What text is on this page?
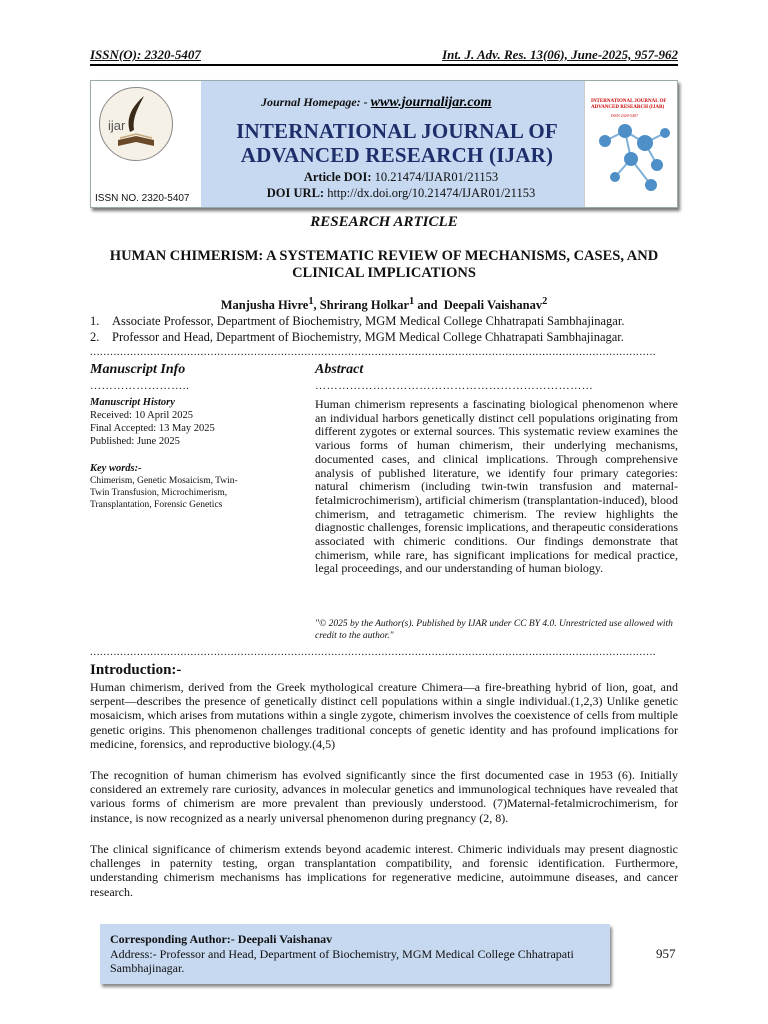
ISSN(O): 2320-5407	Int. J. Adv. Res. 13(06), June-2025, 957-962
ijar
ISSN NO. 2320-5407
Journal Homepage: - www.journalijar.com
INTERNATIONAL JOURNAL OF
ADVANCED RESEARCH (IJAR)
Article DOI: 10.21474/IJAR01/21153
DOI URL: http://dx.doi.org/10.21474/IJAR01/21153
INTERNATIONAL JOURNAL OF ADVANCED RESEARCH (IJAR)
ISSN 2320-5407
RESEARCH ARTICLE
HUMAN CHIMERISM: A SYSTEMATIC REVIEW OF MECHANISMS, CASES, AND CLINICAL IMPLICATIONS
Manjusha Hivre$^1$, Shrirang Holkar$^1$ and  Deepali Vaishanav$^2$
1. Associate Professor, Department of Biochemistry, MGM Medical College Chhatrapati Sambhajinagar.
2. Professor and Head, Department of Biochemistry, MGM Medical College Chhatrapati Sambhajinagar.
.........................................................................................................................................................................
Manuscript Info
……………………..
Manuscript History
Received: 10 April 2025
Final Accepted: 13 May 2025
Published: June 2025
Key words:-
Chimerism, Genetic Mosaicism, Twin-Twin Transfusion, Microchimerism, Transplantation, Forensic Genetics
Abstract
………………………………………………………………
Human chimerism represents a fascinating biological phenomenon where an individual harbors genetically distinct cell populations originating from different zygotes or external sources. This systematic review examines the various forms of human chimerism, their underlying mechanisms, documented cases, and clinical implications. Through comprehensive analysis of published literature, we identify four primary categories: natural chimerism (including twin-twin transfusion and maternal-fetalmicrochimerism), artificial chimerism (transplantation-induced), blood chimerism, and tetragametic chimerism. The review highlights the diagnostic challenges, forensic implications, and therapeutic considerations associated with chimeric conditions. Our findings demonstrate that chimerism, while rare, has significant implications for medical practice, legal proceedings, and our understanding of human biology.
"© 2025 by the Author(s). Published by IJAR under CC BY 4.0. Unrestricted use allowed with credit to the author."
.........................................................................................................................................................................
Introduction:-
Human chimerism, derived from the Greek mythological creature Chimera—a fire-breathing hybrid of lion, goat, and serpent—describes the presence of genetically distinct cell populations within a single individual.(1,2,3) Unlike genetic mosaicism, which arises from mutations within a single zygote, chimerism involves the coexistence of cells from multiple genetic origins. This phenomenon challenges traditional concepts of genetic identity and has profound implications for medicine, forensics, and reproductive biology.(4,5)
The recognition of human chimerism has evolved significantly since the first documented case in 1953 (6). Initially considered an extremely rare curiosity, advances in molecular genetics and immunological techniques have revealed that various forms of chimerism are more prevalent than previously understood. (7)Maternal-fetalmicrochimerism, for instance, is now recognized as a nearly universal phenomenon during pregnancy (2, 8).
The clinical significance of chimerism extends beyond academic interest. Chimeric individuals may present diagnostic challenges in paternity testing, organ transplantation compatibility, and forensic identification. Furthermore, understanding chimerism mechanisms has implications for regenerative medicine, autoimmune diseases, and cancer research.
Corresponding Author:- Deepali Vaishanav
Address:- Professor and Head, Department of Biochemistry, MGM Medical College Chhatrapati Sambhajinagar.
957
